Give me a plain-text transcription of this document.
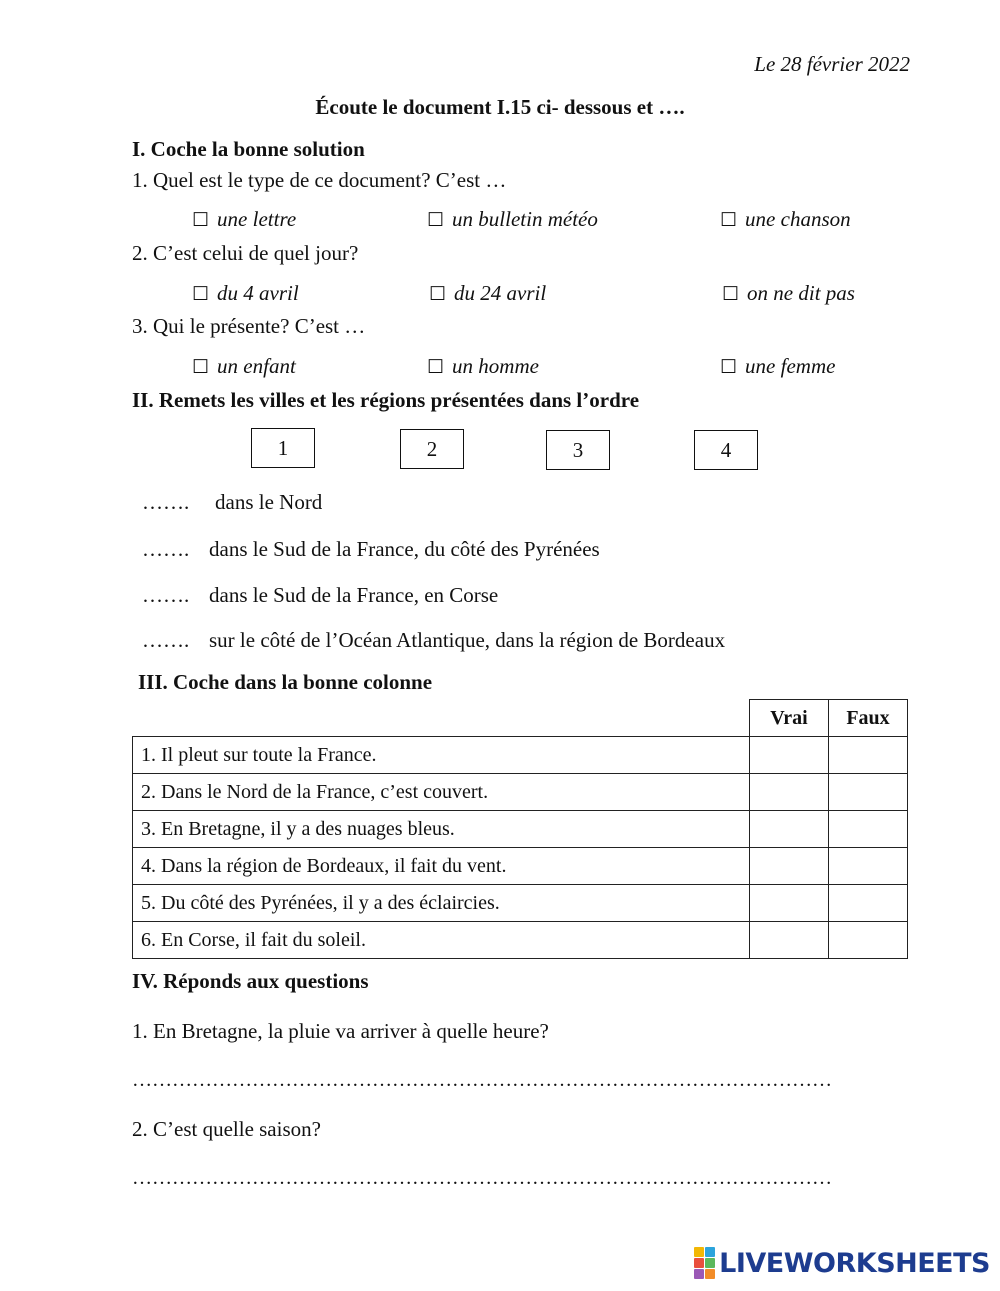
Le 28 février 2022
Écoute le document I.15 ci- dessous et ….
I. Coche la bonne solution
1. Quel est le type de ce document? C’est …
☐ une lettre	☐ un bulletin météo	☐ une chanson
2. C’est celui de quel jour?
☐ du 4 avril	☐ du 24 avril	☐ on ne dit pas
3. Qui le présente? C’est …
☐ un enfant	☐ un homme	☐ une femme
II. Remets les villes et les régions présentées dans l’ordre
1	2	3	4
……. dans le Nord
……. dans le Sud de la France, du côté des Pyrénées
……. dans le Sud de la France, en Corse
……. sur le côté de l’Océan Atlantique, dans la région de Bordeaux
III. Coche dans la bonne colonne
	Vrai	Faux
1. Il pleut sur toute la France.		
2. Dans le Nord de la France, c’est couvert.		
3. En Bretagne, il y a des nuages bleus.		
4. Dans la région de Bordeaux, il fait du vent.		
5. Du côté des Pyrénées, il y a des éclaircies.		
6. En Corse, il fait du soleil.		
IV. Réponds aux questions
1. En Bretagne, la pluie va arriver à quelle heure?
……………………………………………………………………………………………
2. C’est quelle saison?
……………………………………………………………………………………………
LIVEWORKSHEETS
